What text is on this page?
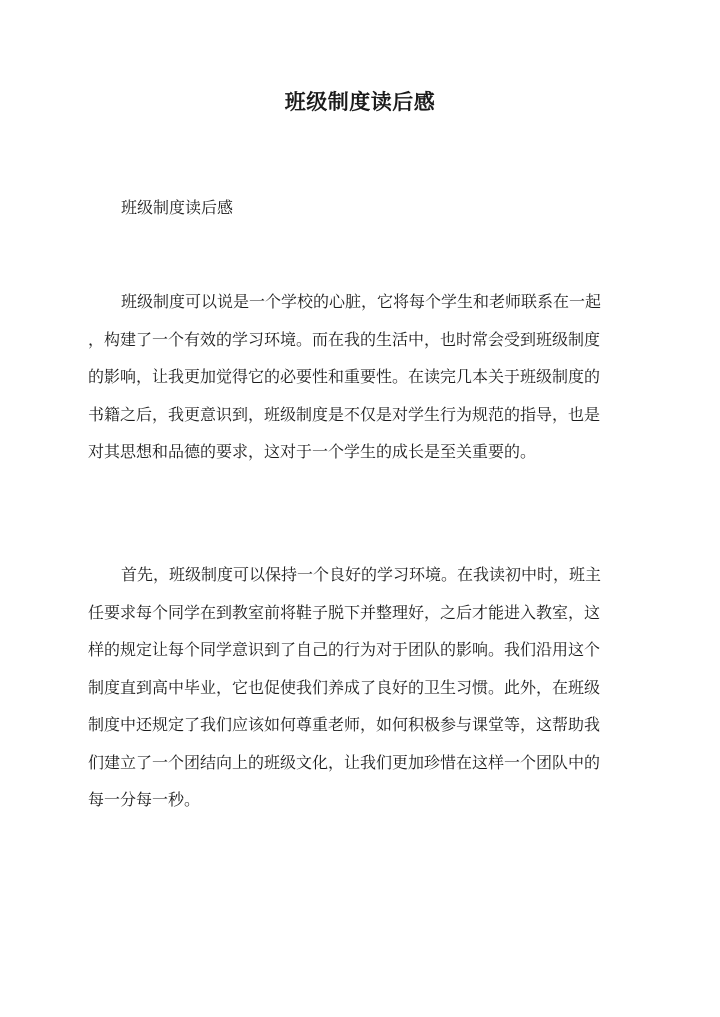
班级制度读后感
班级制度读后感
班级制度可以说是一个学校的心脏，它将每个学生和老师联系在一起
，构建了一个有效的学习环境。而在我的生活中，也时常会受到班级制度
的影响，让我更加觉得它的必要性和重要性。在读完几本关于班级制度的
书籍之后，我更意识到，班级制度是不仅是对学生行为规范的指导，也是
对其思想和品德的要求，这对于一个学生的成长是至关重要的。
首先，班级制度可以保持一个良好的学习环境。在我读初中时，班主
任要求每个同学在到教室前将鞋子脱下并整理好，之后才能进入教室，这
样的规定让每个同学意识到了自己的行为对于团队的影响。我们沿用这个
制度直到高中毕业，它也促使我们养成了良好的卫生习惯。此外，在班级
制度中还规定了我们应该如何尊重老师，如何积极参与课堂等，这帮助我
们建立了一个团结向上的班级文化，让我们更加珍惜在这样一个团队中的
每一分每一秒。
